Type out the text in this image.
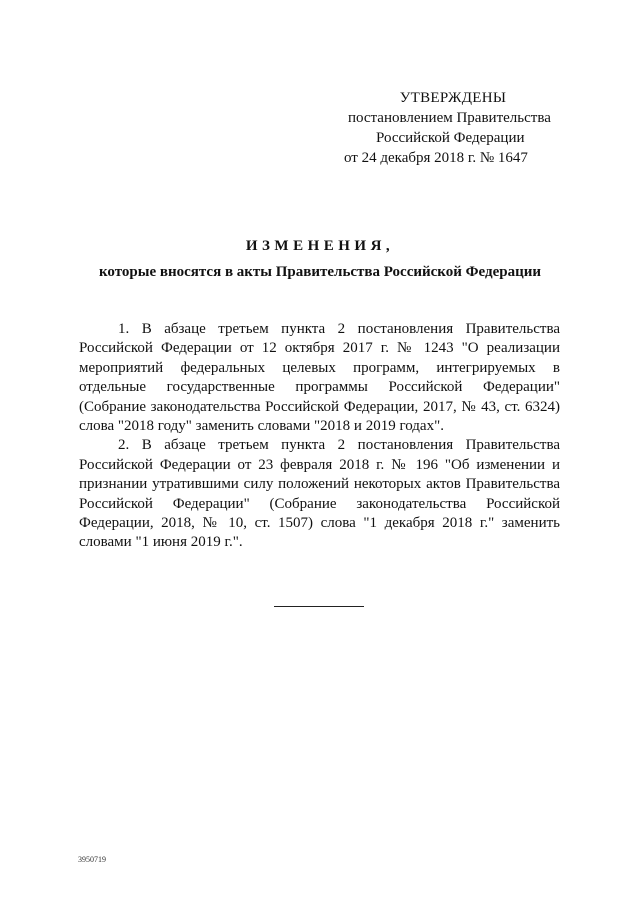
УТВЕРЖДЕНЫ
постановлением Правительства
Российской Федерации
от 24 декабря 2018 г. № 1647
ИЗМЕНЕНИЯ,
которые вносятся в акты Правительства Российской Федерации

1. В абзаце третьем пункта 2 постановления Правительства Российской Федерации от 12 октября 2017 г. № 1243 "О реализации мероприятий федеральных целевых программ, интегрируемых в отдельные государственные программы Российской Федерации" (Собрание законодательства Российской Федерации, 2017, № 43, ст. 6324) слова "2018 году" заменить словами "2018 и 2019 годах".

2. В абзаце третьем пункта 2 постановления Правительства Российской Федерации от 23 февраля 2018 г. № 196 "Об изменении и признании утратившими силу положений некоторых актов Правительства Российской Федерации" (Собрание законодательства Российской Федерации, 2018, № 10, ст. 1507) слова "1 декабря 2018 г." заменить словами "1 июня 2019 г.".

3950719
